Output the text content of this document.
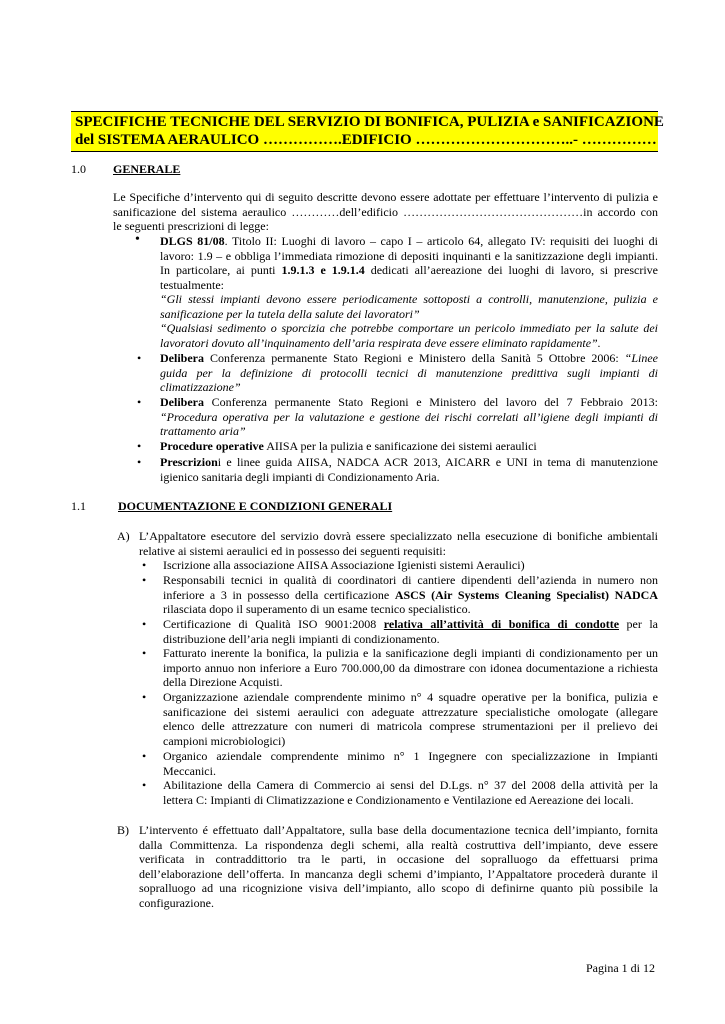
SPECIFICHE TECNICHE DEL SERVIZIO DI BONIFICA, PULIZIA e SANIFICAZIONE
del SISTEMA AERAULICO …………….EDIFICIO …………………………..- ……………
1.0 GENERALE
Le Specifiche d’intervento qui di seguito descritte devono essere adottate per effettuare l’intervento di pulizia e
sanificazione del sistema aeraulico …………dell’edificio ………………………………………in accordo con
le seguenti prescrizioni di legge:
• DLGS 81/08. Titolo II: Luoghi di lavoro – capo I – articolo 64, allegato IV: requisiti dei luoghi di
lavoro: 1.9 – e obbliga l’immediata rimozione di depositi inquinanti e la sanitizzazione degli impianti.
In particolare, ai punti 1.9.1.3 e 1.9.1.4 dedicati all’aereazione dei luoghi di lavoro, si prescrive
testualmente:
“Gli stessi impianti devono essere periodicamente sottoposti a controlli, manutenzione, pulizia e
sanificazione per la tutela della salute dei lavoratori”
“Qualsiasi sedimento o sporcizia che potrebbe comportare un pericolo immediato per la salute dei
lavoratori dovuto all’inquinamento dell’aria respirata deve essere eliminato rapidamente”.
• Delibera Conferenza permanente Stato Regioni e Ministero della Sanità 5 Ottobre 2006: “Linee
guida per la definizione di protocolli tecnici di manutenzione predittiva sugli impianti di
climatizzazione”
• Delibera Conferenza permanente Stato Regioni e Ministero del lavoro del 7 Febbraio 2013:
“Procedura operativa per la valutazione e gestione dei rischi correlati all’igiene degli impianti di
trattamento aria”
• Procedure operative AIISA per la pulizia e sanificazione dei sistemi aeraulici
• Prescrizioni e linee guida AIISA, NADCA ACR 2013, AICARR e UNI in tema di manutenzione
igienico sanitaria degli impianti di Condizionamento Aria.
1.1	DOCUMENTAZIONE E CONDIZIONI GENERALI
A) L’Appaltatore esecutore del servizio dovrà essere specializzato nella esecuzione di bonifiche ambientali
relative ai sistemi aeraulici ed in possesso dei seguenti requisiti:
• Iscrizione alla associazione AIISA Associazione Igienisti sistemi Aeraulici)
• Responsabili tecnici in qualità di coordinatori di cantiere dipendenti dell’azienda in numero non
inferiore a 3 in possesso della certificazione ASCS (Air Systems Cleaning Specialist) NADCA
rilasciata dopo il superamento di un esame tecnico specialistico.
• Certificazione di Qualità ISO 9001:2008 relativa all’attività di bonifica di condotte per la
distribuzione dell’aria negli impianti di condizionamento.
• Fatturato inerente la bonifica, la pulizia e la sanificazione degli impianti di condizionamento per un
importo annuo non inferiore a Euro 700.000,00 da dimostrare con idonea documentazione a richiesta
della Direzione Acquisti.
• Organizzazione aziendale comprendente minimo n° 4 squadre operative per la bonifica, pulizia e
sanificazione dei sistemi aeraulici con adeguate attrezzature specialistiche omologate (allegare
elenco delle attrezzature con numeri di matricola comprese strumentazioni per il prelievo dei
campioni microbiologici)
• Organico aziendale comprendente minimo n° 1 Ingegnere con specializzazione in Impianti
Meccanici.
• Abilitazione della Camera di Commercio ai sensi del D.Lgs. n° 37 del 2008 della attività per la
lettera C: Impianti di Climatizzazione e Condizionamento e Ventilazione ed Aereazione dei locali.
B) L’intervento é effettuato dall’Appaltatore, sulla base della documentazione tecnica dell’impianto, fornita
dalla Committenza. La rispondenza degli schemi, alla realtà costruttiva dell’impianto, deve essere
verificata in contraddittorio tra le parti, in occasione del sopralluogo da effettuarsi prima
dell’elaborazione dell’offerta. In mancanza degli schemi d’impianto, l’Appaltatore procederà durante il
sopralluogo ad una ricognizione visiva dell’impianto, allo scopo di definirne quanto più possibile la
configurazione.
Pagina 1 di 12
